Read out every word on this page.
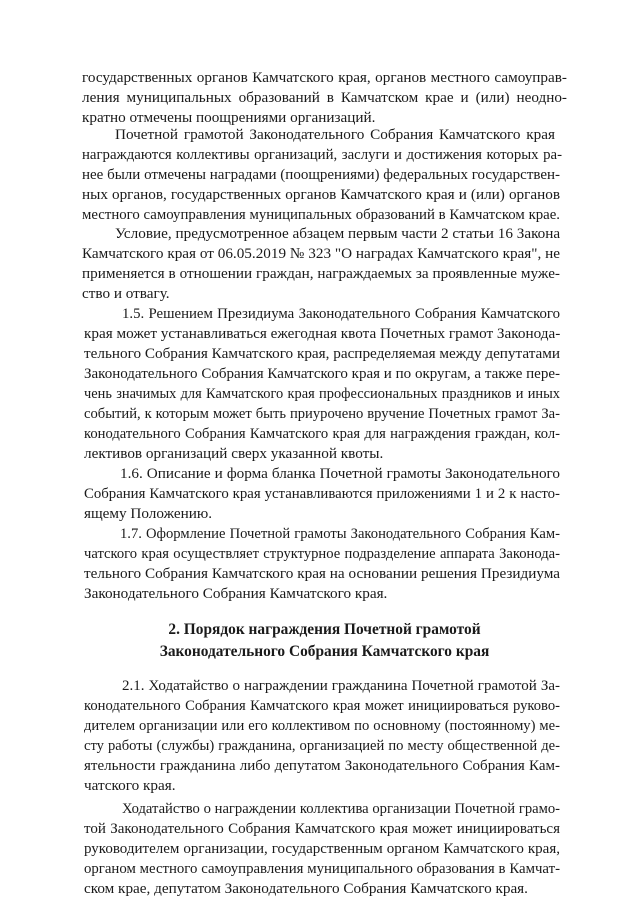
государственных органов Камчатского края, органов местного самоуправ-

ления муниципальных образований в Камчатском крае и (или) неодно-

кратно отмечены поощрениями организаций.

Почетной грамотой Законодательного Собрания Камчатского края

награждаются коллективы организаций, заслуги и достижения которых ра-

нее были отмечены наградами (поощрениями) федеральных государствен-

ных органов, государственных органов Камчатского края и (или) органов

местного самоуправления муниципальных образований в Камчатском крае.

Условие, предусмотренное абзацем первым части 2 статьи 16 Закона

Камчатского края от 06.05.2019 № 323 "О наградах Камчатского края", не

применяется в отношении граждан, награждаемых за проявленные муже-

ство и отвагу.

1.5. Решением Президиума Законодательного Собрания Камчатского

края может устанавливаться ежегодная квота Почетных грамот Законода-

тельного Собрания Камчатского края, распределяемая между депутатами

Законодательного Собрания Камчатского края и по округам, а также пере-

чень значимых для Камчатского края профессиональных праздников и иных

событий, к которым может быть приурочено вручение Почетных грамот За-

конодательного Собрания Камчатского края для награждения граждан, кол-

лективов организаций сверх указанной квоты.

1.6. Описание и форма бланка Почетной грамоты Законодательного

Собрания Камчатского края устанавливаются приложениями 1 и 2 к насто-

ящему Положению.

1.7. Оформление Почетной грамоты Законодательного Собрания Кам-

чатского края осуществляет структурное подразделение аппарата Законода-

тельного Собрания Камчатского края на основании решения Президиума

Законодательного Собрания Камчатского края.

2. Порядок награждения Почетной грамотой

Законодательного Собрания Камчатского края

2.1. Ходатайство о награждении гражданина Почетной грамотой За-

конодательного Собрания Камчатского края может инициироваться руково-

дителем организации или его коллективом по основному (постоянному) ме-

сту работы (службы) гражданина, организацией по месту общественной де-

ятельности гражданина либо депутатом Законодательного Собрания Кам-

чатского края.

Ходатайство о награждении коллектива организации Почетной грамо-

той Законодательного Собрания Камчатского края может инициироваться

руководителем организации, государственным органом Камчатского края,

органом местного самоуправления муниципального образования в Камчат-

ском крае, депутатом Законодательного Собрания Камчатского края.
